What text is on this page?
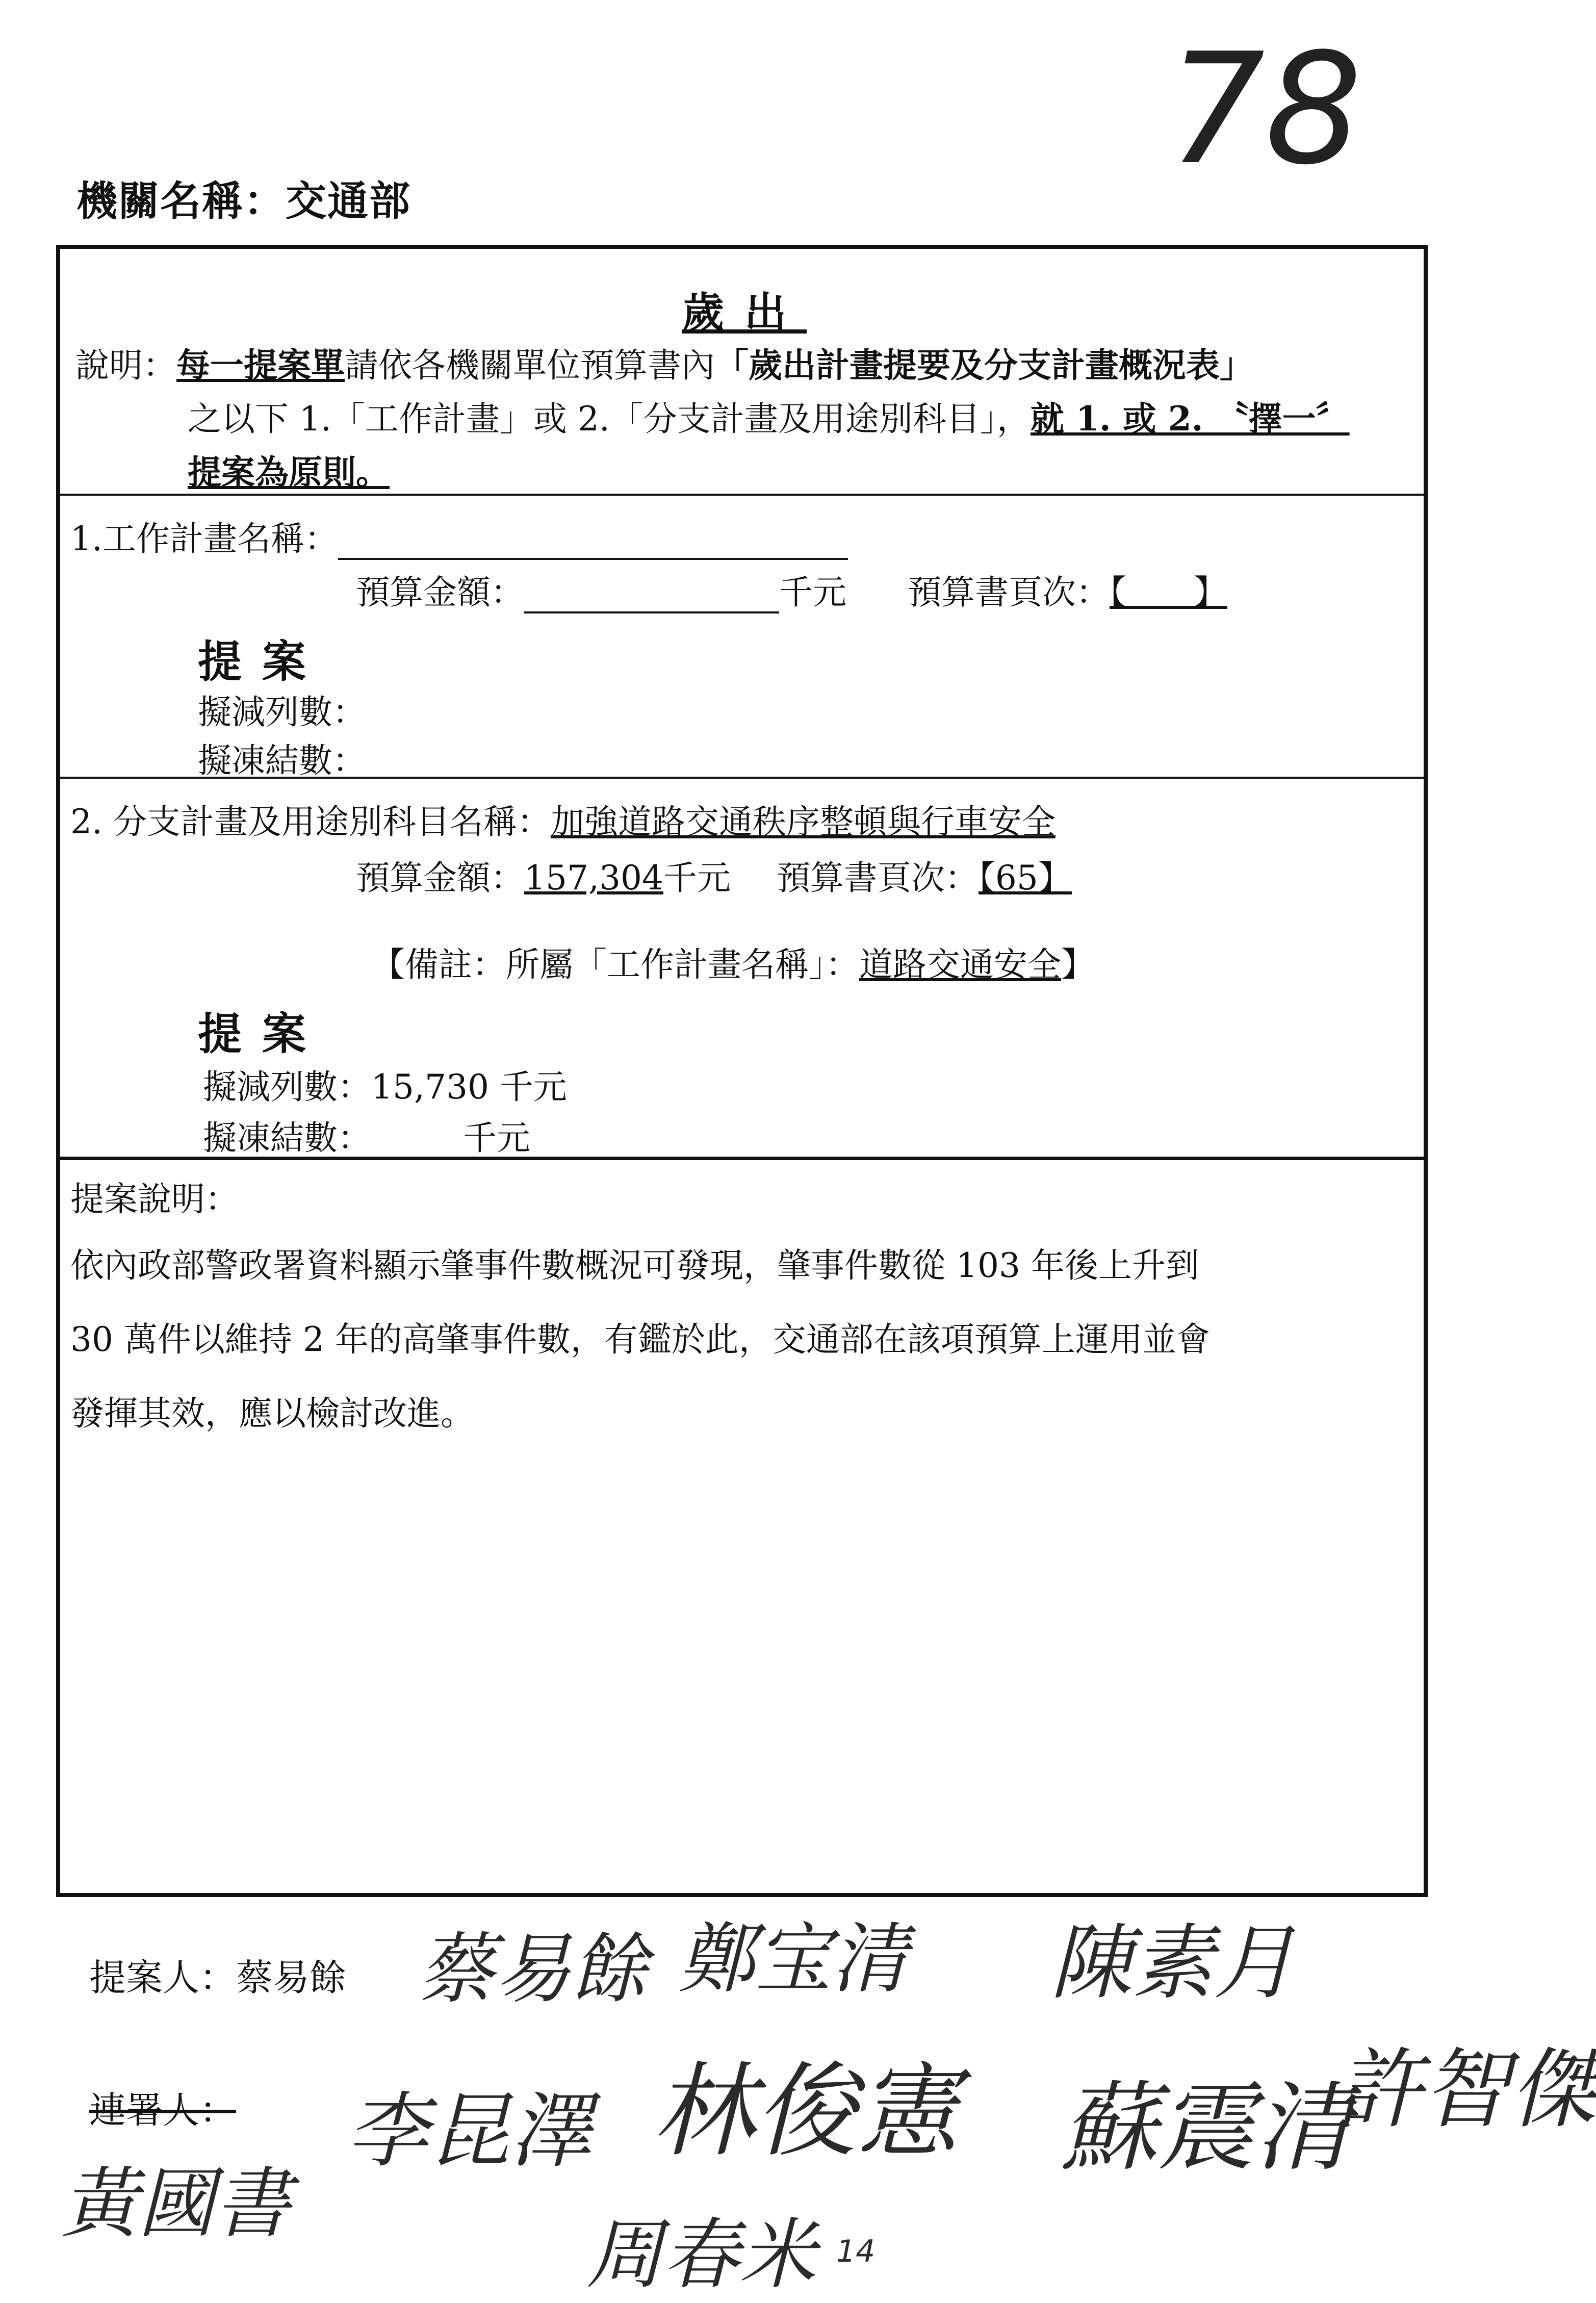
78
機關名稱：交通部
歲出
說明：每一提案單請依各機關單位預算書內「歲出計畫提要及分支計畫概況表」
之以下 1.「工作計畫」或 2.「分支計畫及用途別科目」，就 1. 或 2. 〝擇一〞
提案為原則。
1.工作計畫名稱：
預算金額：	千元 預算書頁次：【　　】
提案
擬減列數：
擬凍結數：
2. 分支計畫及用途別科目名稱：加強道路交通秩序整頓與行車安全
預算金額：157,304千元 預算書頁次：【65】
【備註：所屬「工作計畫名稱」：道路交通安全】
提案
擬減列數：15,730 千元
擬凍結數：	千元
提案說明：
依內政部警政署資料顯示肇事件數概況可發現，肇事件數從 103 年後上升到
30 萬件以維持 2 年的高肇事件數，有鑑於此，交通部在該項預算上運用並會
發揮其效，應以檢討改進。
提案人：蔡易餘 蔡易餘 鄭宝清 陳素月
連署人：
黃國書
李昆澤 林俊憲 蘇震清
許智傑
周春米 14
